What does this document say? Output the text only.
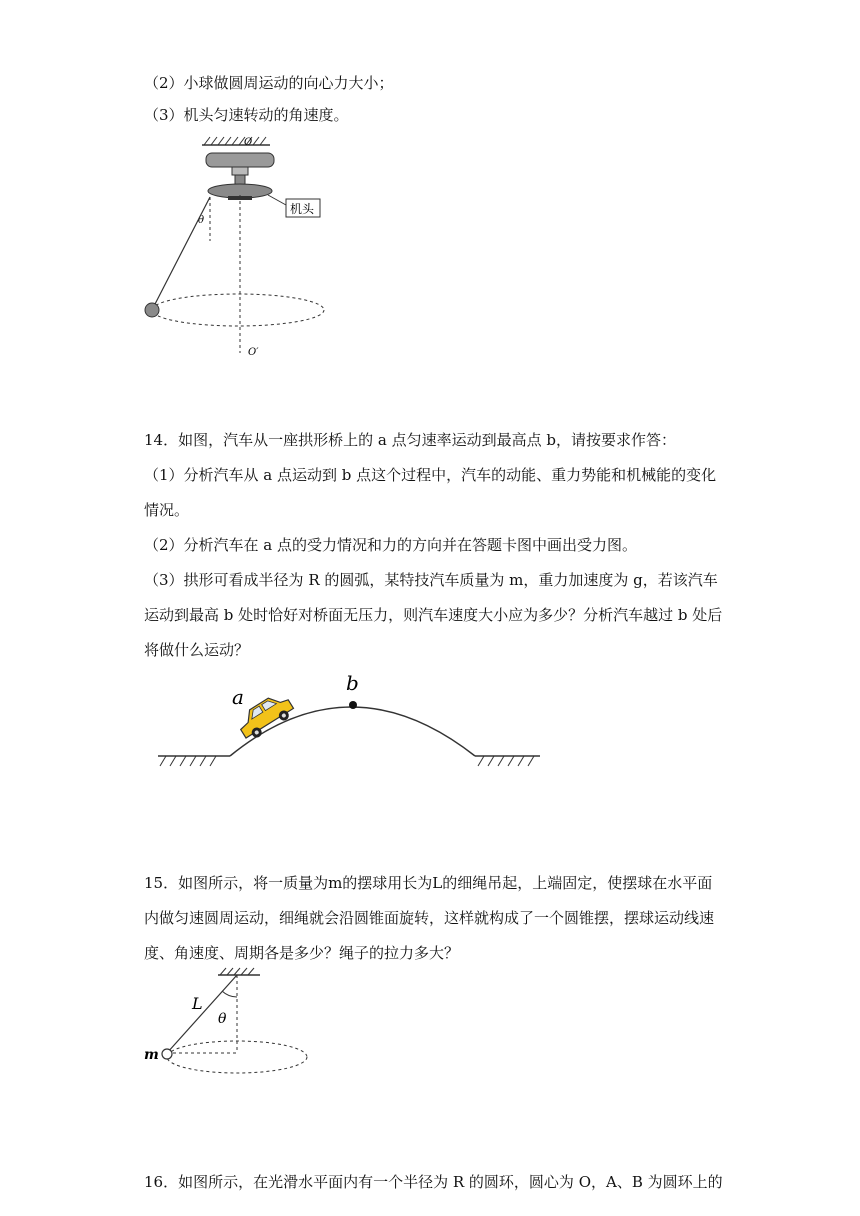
（2）小球做圆周运动的向心力大小；
（3）机头匀速转动的角速度。
O
机头
O′
θ
14．如图，汽车从一座拱形桥上的 a 点匀速率运动到最高点 b，请按要求作答：
（1）分析汽车从 a 点运动到 b 点这个过程中，汽车的动能、重力势能和机械能的变化
情况。
（2）分析汽车在 a 点的受力情况和力的方向并在答题卡图中画出受力图。
（3）拱形可看成半径为 R 的圆弧，某特技汽车质量为 m，重力加速度为 g，若该汽车
运动到最高 b 处时恰好对桥面无压力，则汽车速度大小应为多少？分析汽车越过 b 处后
将做什么运动？
b
a
15．如图所示，将一质量为m的摆球用长为L的细绳吊起，上端固定，使摆球在水平面
内做匀速圆周运动，细绳就会沿圆锥面旋转，这样就构成了一个圆锥摆，摆球运动线速
度、角速度、周期各是多少？绳子的拉力多大？
θ
L
m
16．如图所示，在光滑水平面内有一个半径为 R 的圆环，圆心为 O，A、B 为圆环上的
